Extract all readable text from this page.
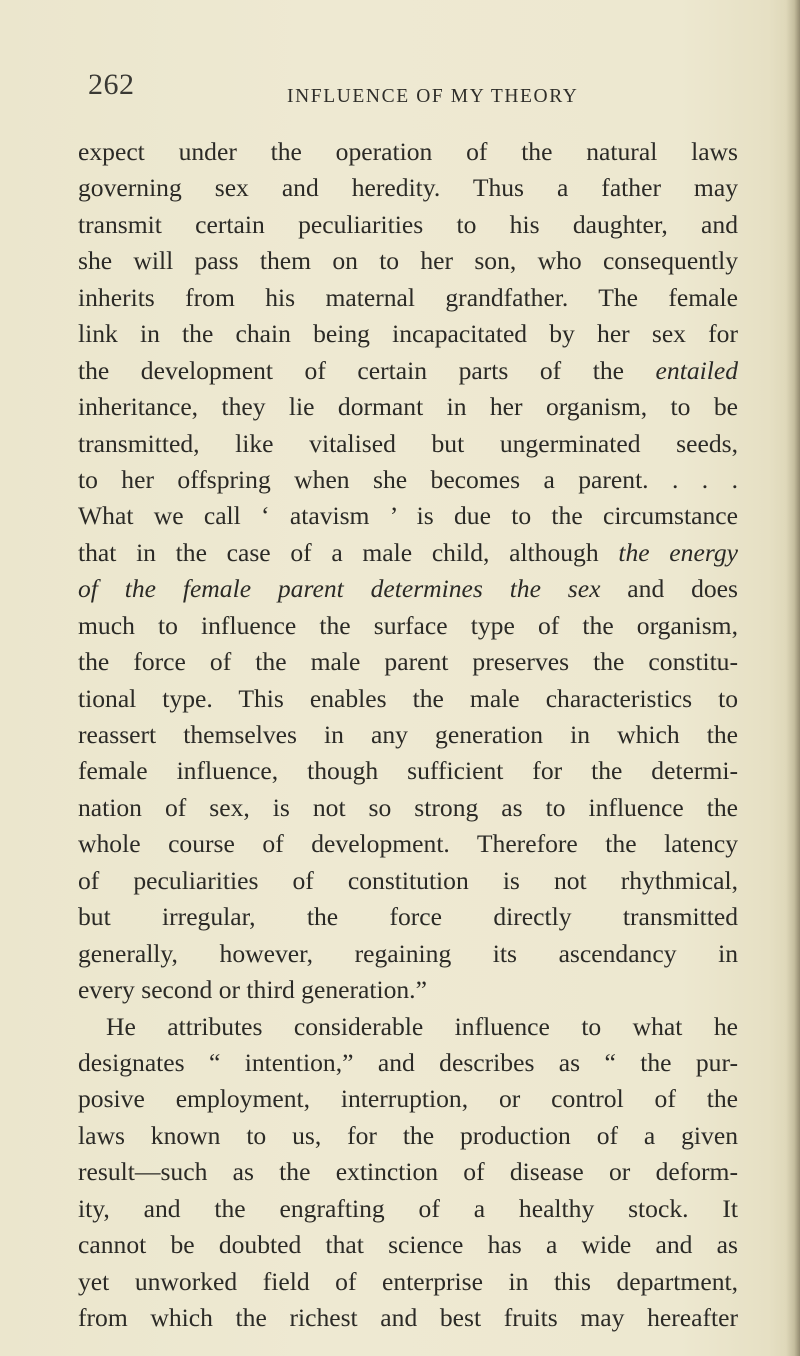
262	INFLUENCE OF MY THEORY
expect under the operation of the natural laws
governing sex and heredity. Thus a father may
transmit certain peculiarities to his daughter, and
she will pass them on to her son, who consequently
inherits from his maternal grandfather. The female
link in the chain being incapacitated by her sex for
the development of certain parts of the entailed
inheritance, they lie dormant in her organism, to be
transmitted, like vitalised but ungerminated seeds,
to her offspring when she becomes a parent. . . .
What we call ‘ atavism ’ is due to the circumstance
that in the case of a male child, although the energy
of the female parent determines the sex and does
much to influence the surface type of the organism,
the force of the male parent preserves the constitu-
tional type. This enables the male characteristics to
reassert themselves in any generation in which the
female influence, though sufficient for the determi-
nation of sex, is not so strong as to influence the
whole course of development. Therefore the latency
of peculiarities of constitution is not rhythmical,
but irregular, the force directly transmitted
generally, however, regaining its ascendancy in
every second or third generation.”
He attributes considerable influence to what he
designates “ intention,” and describes as “ the pur-
posive employment, interruption, or control of the
laws known to us, for the production of a given
result—such as the extinction of disease or deform-
ity, and the engrafting of a healthy stock. It
cannot be doubted that science has a wide and as
yet unworked field of enterprise in this department,
from which the richest and best fruits may hereafter
